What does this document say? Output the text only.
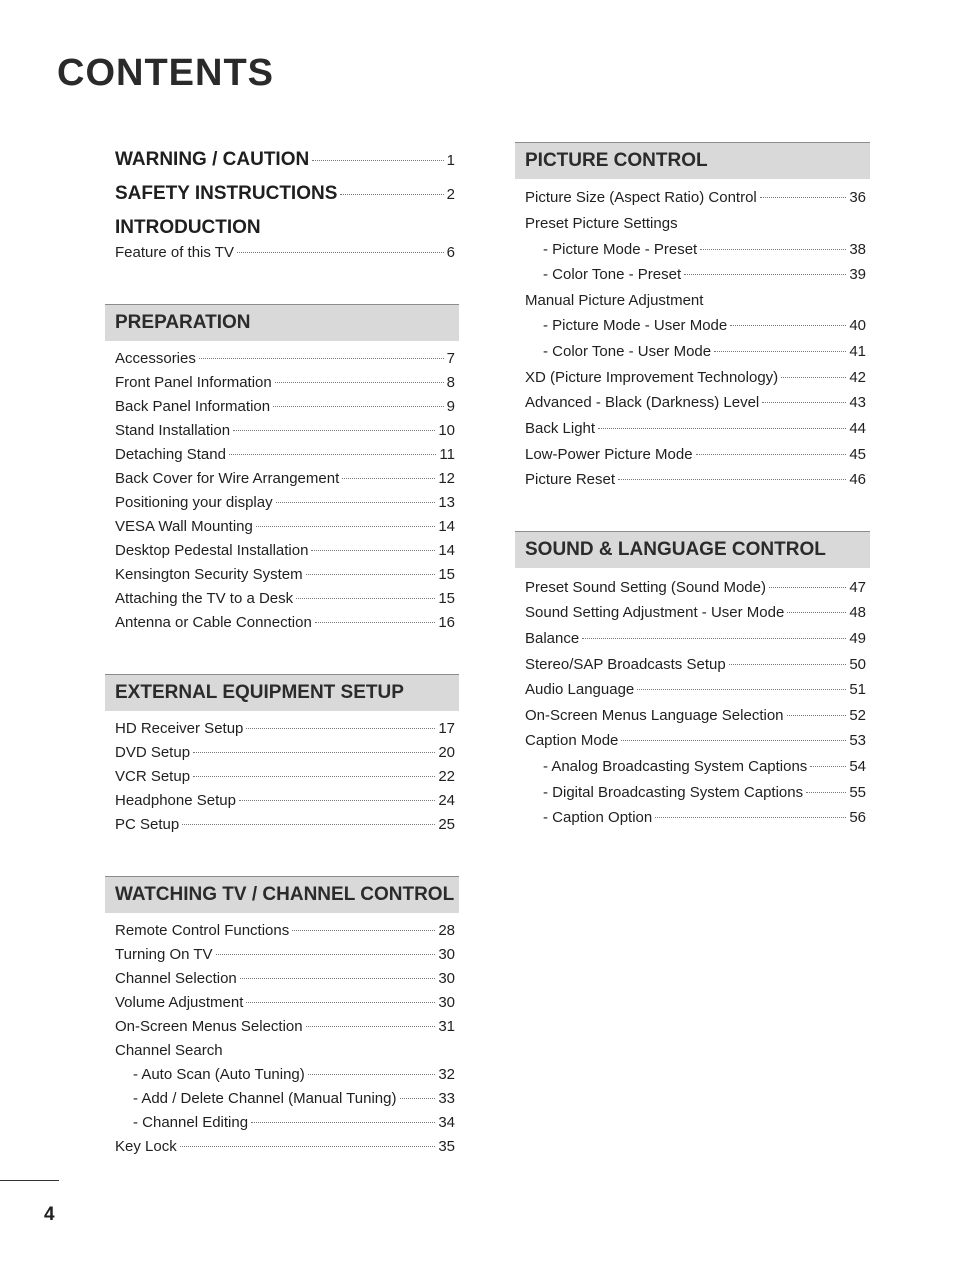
CONTENTS
WARNING / CAUTION	1
SAFETY INSTRUCTIONS	2
INTRODUCTION
Feature of this TV	6
PREPARATION
Accessories	7
Front Panel Information	8
Back Panel Information	9
Stand Installation	10
Detaching Stand	11
Back Cover for Wire Arrangement	12
Positioning your display	13
VESA Wall Mounting	14
Desktop Pedestal Installation	14
Kensington Security System	15
Attaching the TV to a Desk	15
Antenna or Cable Connection	16
EXTERNAL EQUIPMENT SETUP
HD Receiver Setup	17
DVD Setup	20
VCR Setup	22
Headphone Setup	24
PC Setup	25
WATCHING TV / CHANNEL CONTROL
Remote Control Functions	28
Turning On TV	30
Channel Selection	30
Volume Adjustment	30
On-Screen Menus Selection	31
Channel Search
- Auto Scan (Auto Tuning)	32
- Add / Delete Channel (Manual Tuning)	33
- Channel Editing	34
Key Lock	35
PICTURE CONTROL
Picture Size (Aspect Ratio) Control	36
Preset Picture Settings
- Picture Mode - Preset	38
- Color Tone - Preset	39
Manual Picture Adjustment
- Picture Mode - User Mode	40
- Color Tone - User Mode	41
XD (Picture Improvement Technology)	42
Advanced - Black (Darkness) Level	43
Back Light	44
Low-Power Picture Mode	45
Picture Reset	46
SOUND & LANGUAGE CONTROL
Preset Sound Setting (Sound Mode)	47
Sound Setting Adjustment - User Mode	48
Balance	49
Stereo/SAP Broadcasts Setup	50
Audio Language	51
On-Screen Menus Language Selection	52
Caption Mode	53
- Analog Broadcasting System Captions	54
- Digital Broadcasting System Captions	55
- Caption Option	56
4
